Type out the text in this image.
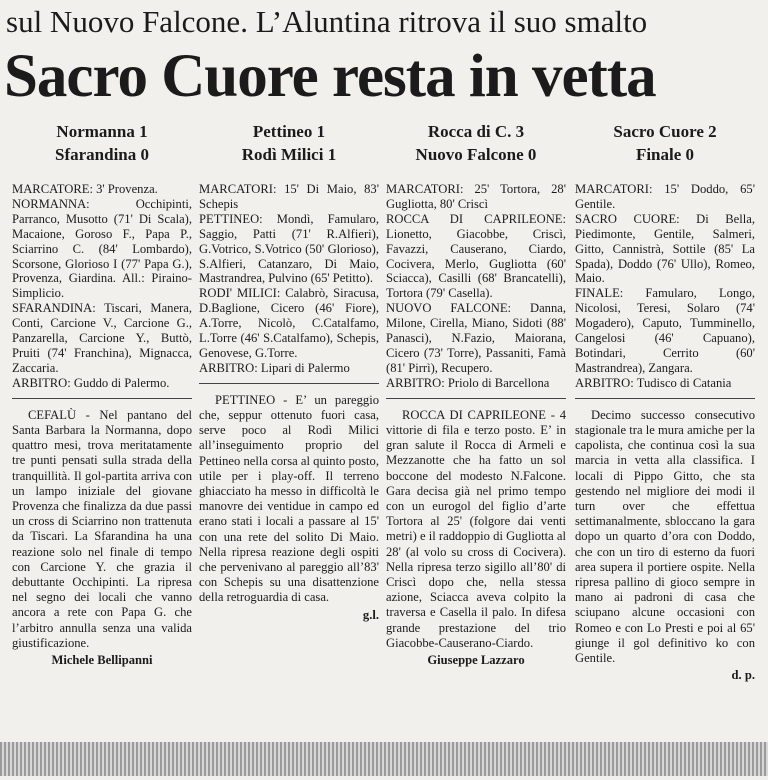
sul Nuovo Falcone. L’Aluntina ritrova il suo smalto
Sacro Cuore resta in vetta
Normanna 1
Sfarandina 0

MARCATORE: 3' Provenza.

NORMANNA: Occhipinti, Parranco, Musotto (71' Di Scala), Macaione, Goroso F., Papa P., Sciarrino C. (84' Lombardo), Scorsone, Glorioso I (77' Papa G.), Provenza, Giardina. All.: Piraino-Simplicio.

SFARANDINA: Tiscari, Manera, Conti, Carcione V., Carcione G., Panzarella, Carcione Y., Buttò, Pruiti (74' Franchina), Mignacca, Zaccaria.

ARBITRO: Guddo di Palermo.

CEFALÙ - Nel pantano del Santa Barbara la Normanna, dopo quattro mesi, trova meritatamente tre punti pensati sulla strada della tranquillità. Il gol-partita arriva con un lampo iniziale del giovane Provenza che finalizza da due passi un cross di Sciarrino non trattenuta da Tiscari. La Sfarandina ha una reazione solo nel finale di tempo con Carcione Y. che grazia il debuttante Occhipinti. La ripresa nel segno dei locali che vanno ancora a rete con Papa G. che l’arbitro annulla senza una valida giustificazione.

Michele Bellipanni
Pettineo 1
Rodì Milici 1

MARCATORI: 15' Di Maio, 83' Schepis

PETTINEO: Mondì, Famularo, Saggio, Patti (71' R.Alfieri), G.Votrico, S.Votrico (50' Glorioso), S.Alfieri, Catanzaro, Di Maio, Mastrandrea, Pulvino (65' Petitto).

RODI' MILICI: Calabrò, Siracusa, D.Baglione, Cicero (46' Fiore), A.Torre, Nicolò, C.Catalfamo, L.Torre (46' S.Catalfamo), Schepis, Genovese, G.Torre.

ARBITRO: Lipari di Palermo

PETTINEO - E’ un pareggio che, seppur ottenuto fuori casa, serve poco al Rodì Milici all’inseguimento proprio del Pettineo nella corsa al quinto posto, utile per i play-off. Il terreno ghiacciato ha messo in difficoltà le manovre dei ventidue in campo ed erano stati i locali a passare al 15' con una rete del solito Di Maio. Nella ripresa reazione degli ospiti che pervenivano al pareggio all’83' con Schepis su una disattenzione della retroguardia di casa.

g.l.
Rocca di C. 3
Nuovo Falcone 0

MARCATORI: 25' Tortora, 28' Gugliotta, 80' Criscì

ROCCA DI CAPRILEONE: Lionetto, Giacobbe, Criscì, Favazzi, Causerano, Ciardo, Cocivera, Merlo, Gugliotta (60' Sciacca), Casilli (68' Brancatelli), Tortora (79' Casella).

NUOVO FALCONE: Danna, Milone, Cirella, Miano, Sidoti (88' Panasci), N.Fazio, Maiorana, Cicero (73' Torre), Passaniti, Famà (81' Pirrì), Recupero.

ARBITRO: Priolo di Barcellona

ROCCA DI CAPRILEONE - 4 vittorie di fila e terzo posto. E’ in gran salute il Rocca di Armeli e Mezzanotte che ha fatto un sol boccone del modesto N.Falcone. Gara decisa già nel primo tempo con un eurogol del figlio d’arte Tortora al 25' (folgore dai venti metri) e il raddoppio di Gugliotta al 28' (al volo su cross di Cocivera). Nella ripresa terzo sigillo all’80' di Criscì dopo che, nella stessa azione, Sciacca aveva colpito la traversa e Casella il palo. In difesa grande prestazione del trio Giacobbe-Causerano-Ciardo.

Giuseppe Lazzaro
Sacro Cuore 2
Finale 0

MARCATORI: 15' Doddo, 65' Gentile.

SACRO CUORE: Di Bella, Piedimonte, Gentile, Salmeri, Gitto, Cannistrà, Sottile (85' La Spada), Doddo (76' Ullo), Romeo, Maio.

FINALE: Famularo, Longo, Nicolosi, Teresi, Solaro (74' Mogadero), Caputo, Tumminello, Cangelosi (46' Capuano), Botindari, Cerrito (60' Mastrandrea), Zangara.

ARBITRO: Tudisco di Catania

Decimo successo consecutivo stagionale tra le mura amiche per la capolista, che continua così la sua marcia in vetta alla classifica. I locali di Pippo Gitto, che sta gestendo nel migliore dei modi il turn over che effettua settimanalmente, sbloccano la gara dopo un quarto d’ora con Doddo, che con un tiro di esterno da fuori area supera il portiere ospite. Nella ripresa pallino di gioco sempre in mano ai padroni di casa che sciupano alcune occasioni con Romeo e con Lo Presti e poi al 65' giunge il gol definitivo ko con Gentile.

d. p.
